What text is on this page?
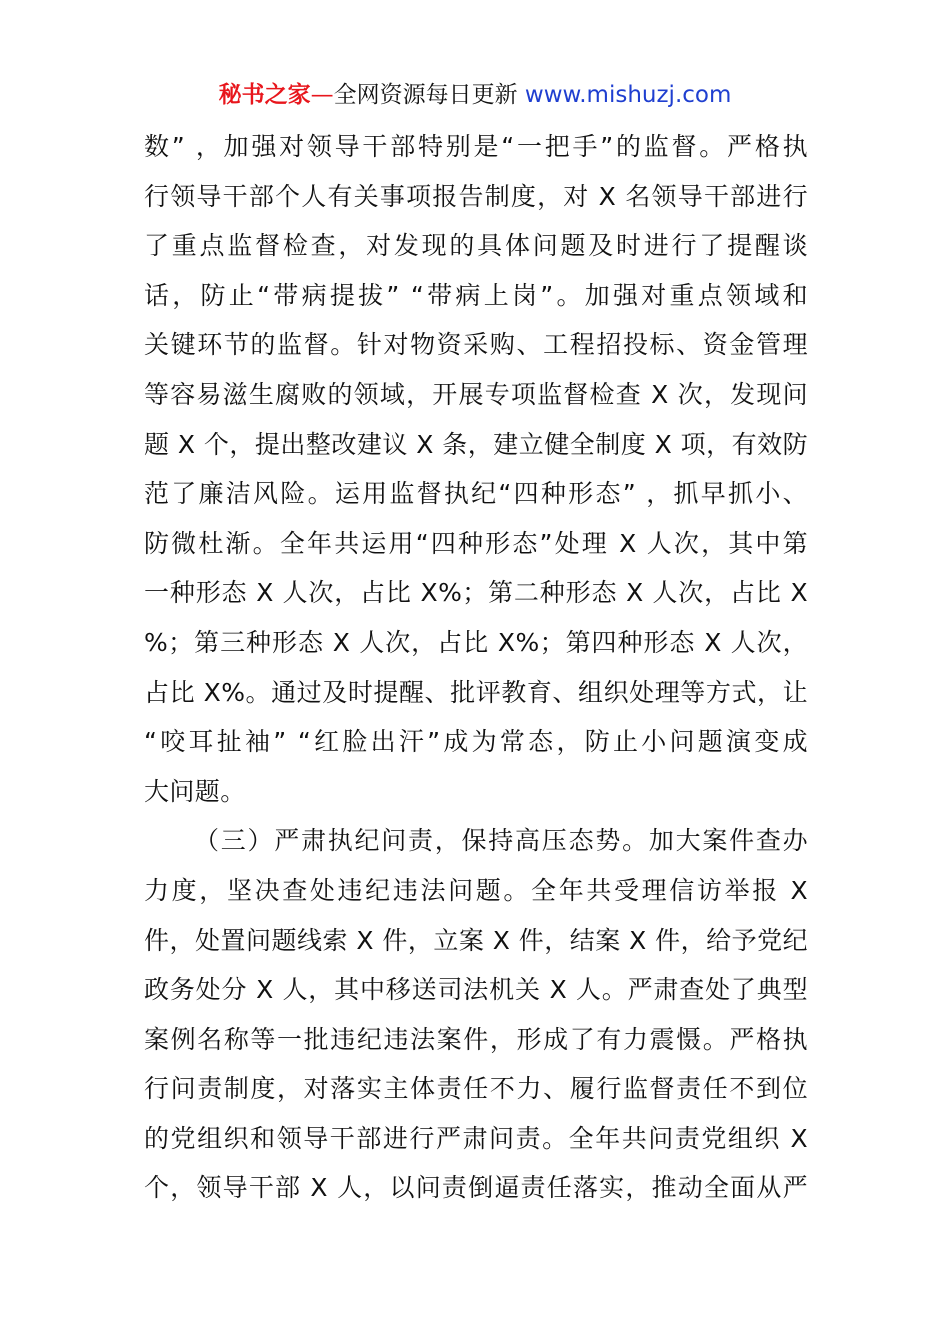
秘书之家—全网资源每日更新 www.mishuzj.com
数” ，加强对领导干部特别是“一把手”的监督。严格执
行领导干部个人有关事项报告制度，对 X 名领导干部进行
了重点监督检查，对发现的具体问题及时进行了提醒谈
话，防止“带病提拔” “带病上岗”。加强对重点领域和
关键环节的监督。针对物资采购、工程招投标、资金管理
等容易滋生腐败的领域，开展专项监督检查 X 次，发现问
题 X 个，提出整改建议 X 条，建立健全制度 X 项，有效防
范了廉洁风险。运用监督执纪“四种形态” ，抓早抓小、
防微杜渐。全年共运用“四种形态”处理 X 人次，其中第
一种形态 X 人次，占比 X%；第二种形态 X 人次，占比 X
%；第三种形态 X 人次，占比 X%；第四种形态 X 人次，
占比 X%。通过及时提醒、批评教育、组织处理等方式，让
“咬耳扯袖” “红脸出汗”成为常态，防止小问题演变成
大问题。
（三）严肃执纪问责，保持高压态势。加大案件查办
力度，坚决查处违纪违法问题。全年共受理信访举报 X
件，处置问题线索 X 件，立案 X 件，结案 X 件，给予党纪
政务处分 X 人，其中移送司法机关 X 人。严肃查处了典型
案例名称等一批违纪违法案件，形成了有力震慑。严格执
行问责制度，对落实主体责任不力、履行监督责任不到位
的党组织和领导干部进行严肃问责。全年共问责党组织 X
个，领导干部 X 人，以问责倒逼责任落实，推动全面从严
